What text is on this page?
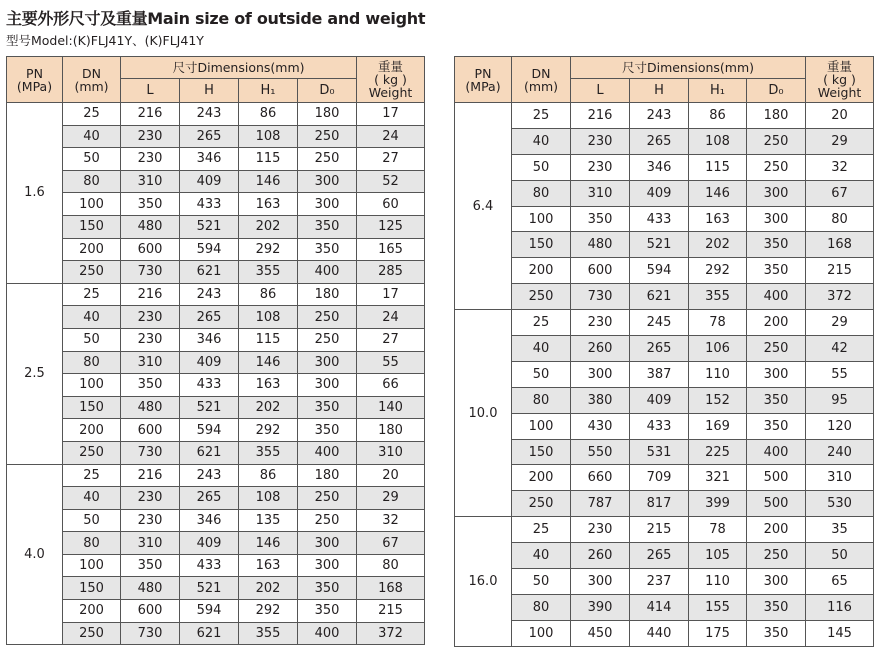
主要外形尺寸及重量Main size of outside and weight
型号Model:(K)FLJ41Y、(K)FLJ41Y
PN
(MPa)	DN
(mm)	尺寸Dimensions(mm)				重量
( kg )
Weight
		L	H	H₁	D₀	
1.6	25	216	243	86	180	17
	40	230	265	108	250	24
	50	230	346	115	250	27
	80	310	409	146	300	52
	100	350	433	163	300	60
	150	480	521	202	350	125
	200	600	594	292	350	165
	250	730	621	355	400	285
2.5	25	216	243	86	180	17
	40	230	265	108	250	24
	50	230	346	115	250	27
	80	310	409	146	300	55
	100	350	433	163	300	66
	150	480	521	202	350	140
	200	600	594	292	350	180
	250	730	621	355	400	310
4.0	25	216	243	86	180	20
	40	230	265	108	250	29
	50	230	346	135	250	32
	80	310	409	146	300	67
	100	350	433	163	300	80
	150	480	521	202	350	168
	200	600	594	292	350	215
	250	730	621	355	400	372
PN
(MPa)	DN
(mm)	尺寸Dimensions(mm)				重量
( kg )
Weight
		L	H	H₁	D₀	
6.4	25	216	243	86	180	20
	40	230	265	108	250	29
	50	230	346	115	250	32
	80	310	409	146	300	67
	100	350	433	163	300	80
	150	480	521	202	350	168
	200	600	594	292	350	215
	250	730	621	355	400	372
10.0	25	230	245	78	200	29
	40	260	265	106	250	42
	50	300	387	110	300	55
	80	380	409	152	350	95
	100	430	433	169	350	120
	150	550	531	225	400	240
	200	660	709	321	500	310
	250	787	817	399	500	530
16.0	25	230	215	78	200	35
	40	260	265	105	250	50
	50	300	237	110	300	65
	80	390	414	155	350	116
	100	450	440	175	350	145
